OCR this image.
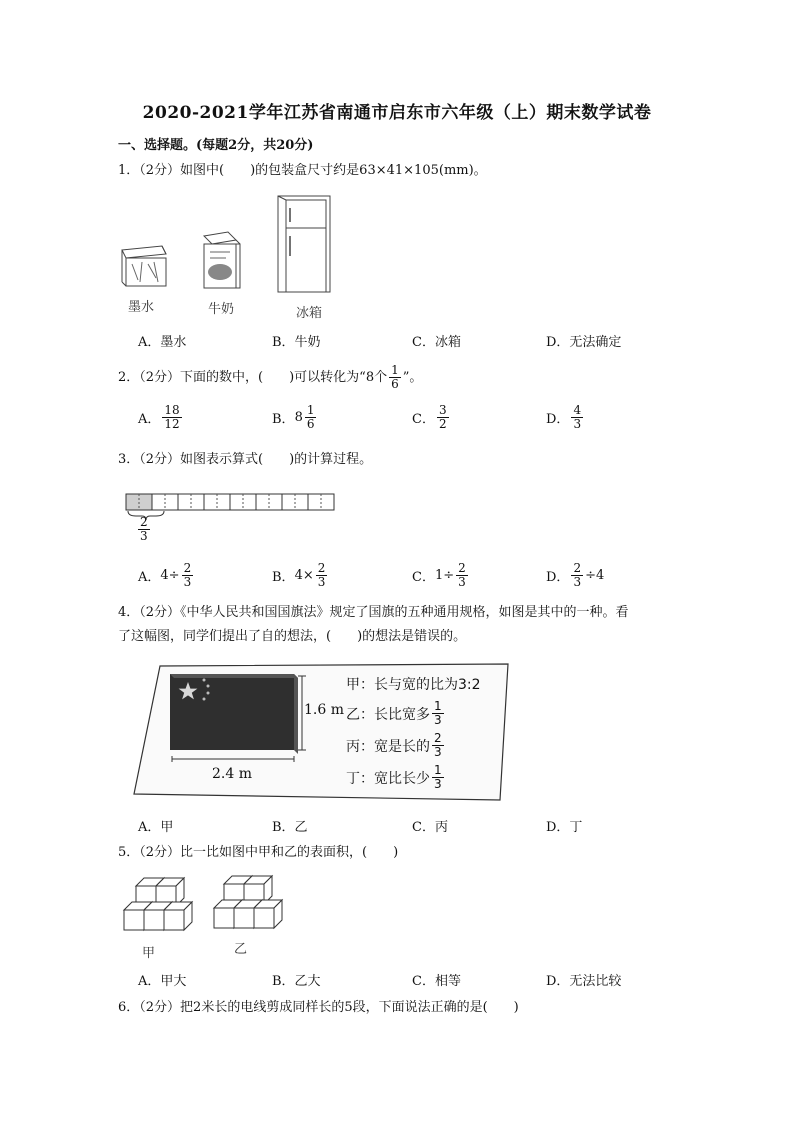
2020-2021学年江苏省南通市启东市六年级（上）期末数学试卷
一、选择题。(每题2分，共20分)
1．（2分）如图中(　　)的包装盒尺寸约是63×41×105(mm)。
墨水	牛奶	冰箱
A．墨水	B．牛奶	C．冰箱	D．无法确定
2．（2分）下面的数中，(　　)可以转化为“8个 $\frac{1}{6}$ ”。
A． $\frac{18}{12}$	B． $8 \frac{1}{6}$	C． $\frac{3}{2}$	D． $\frac{4}{3}$
3．（2分）如图表示算式(　　)的计算过程。
$\frac{2}{3}$
A． $4\div \frac{2}{3}$	B． $4\times \frac{2}{3}$	C． $1\div \frac{2}{3}$	D． $\frac{2}{3} \div 4$
4．（2分）《中华人民共和国国旗法》规定了国旗的五种通用规格，如图是其中的一种。看
了这幅图，同学们提出了自的想法，(　　)的想法是错误的。
1.6 m
2.4 m
甲：长与宽的比为3:2
乙：长比宽多 $\frac{1}{3}$
丙：宽是长的 $\frac{2}{3}$
丁：宽比长少 $\frac{1}{3}$
A．甲	B．乙	C．丙	D．丁
5．（2分）比一比如图中甲和乙的表面积，(　　)
甲	乙
A．甲大	B．乙大	C．相等	D．无法比较
6．（2分）把2米长的电线剪成同样长的5段，下面说法正确的是(　　)
